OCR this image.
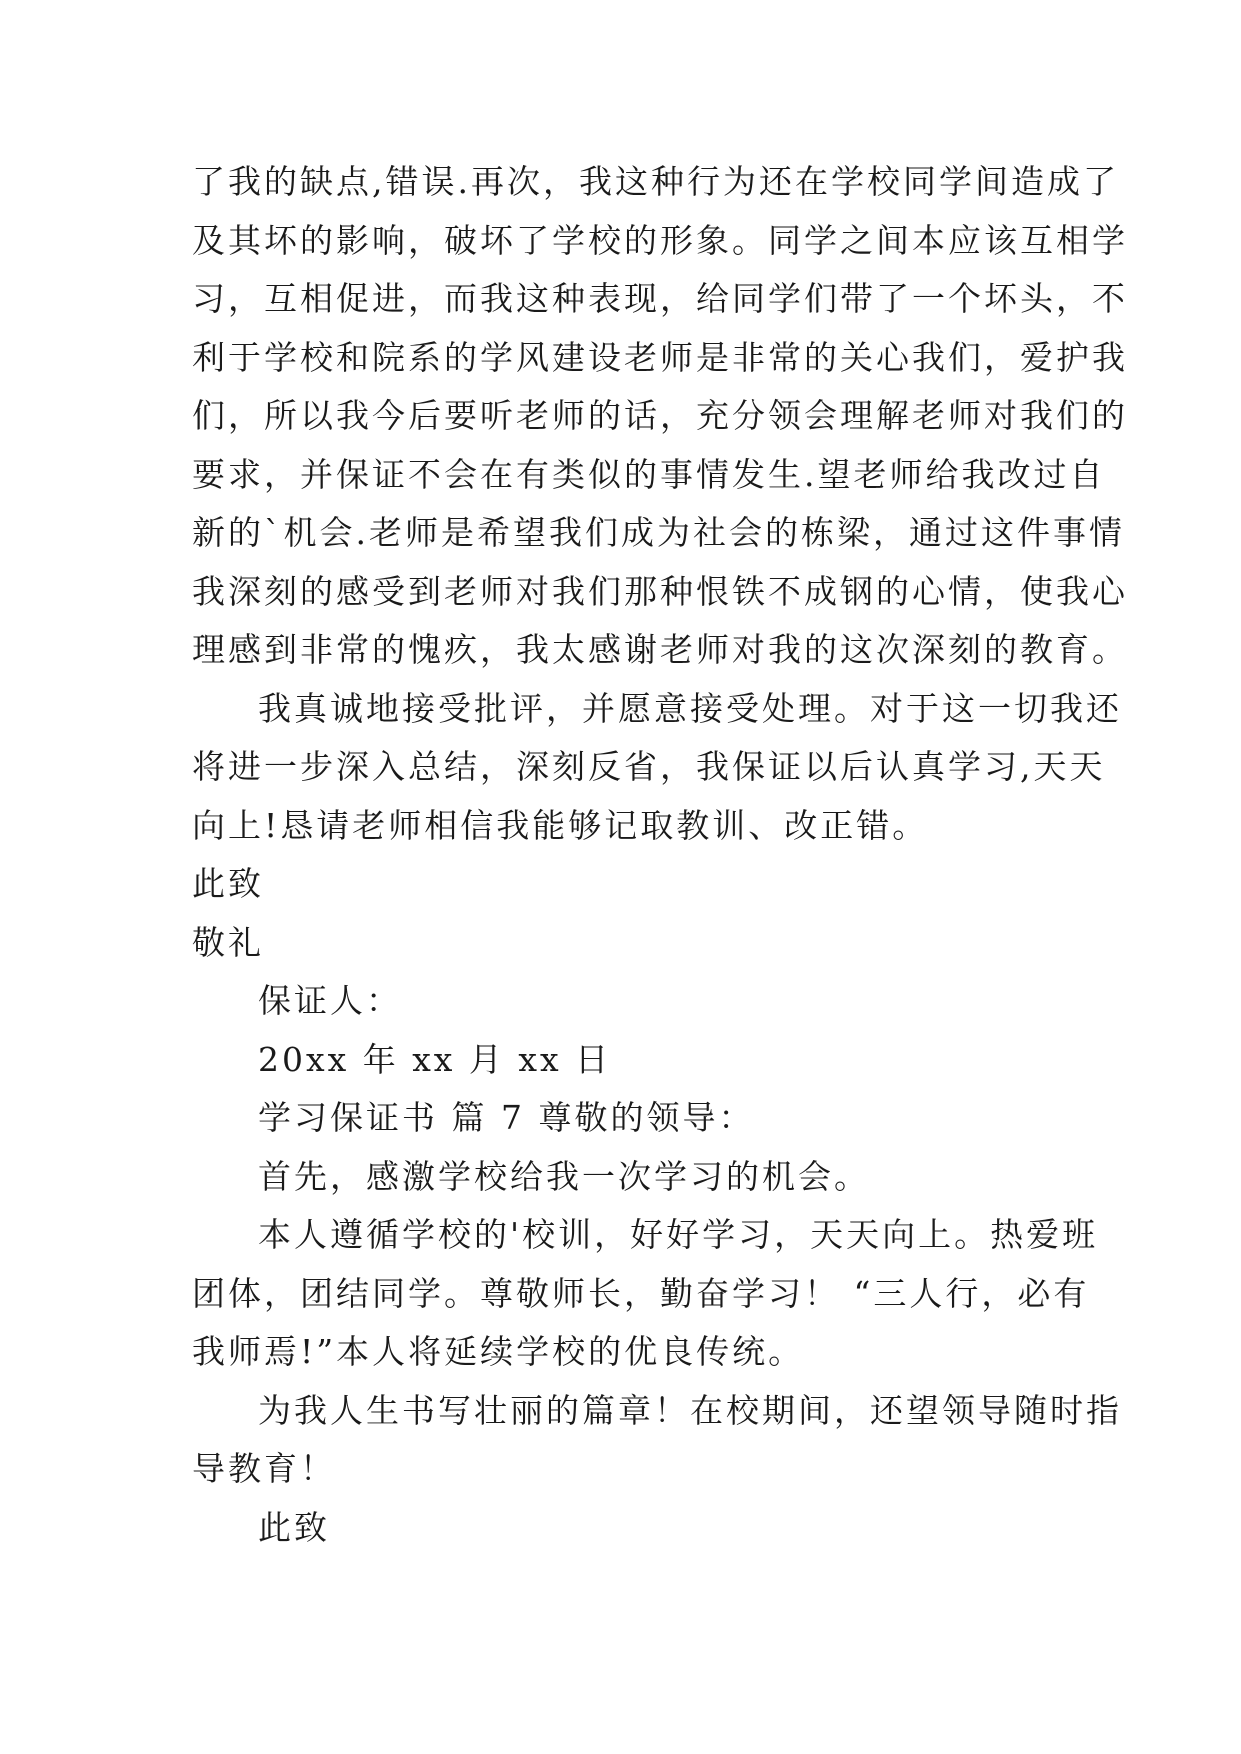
了我的缺点,错误.再次，我这种行为还在学校同学间造成了
及其坏的影响，破坏了学校的形象。同学之间本应该互相学
习，互相促进，而我这种表现，给同学们带了一个坏头，不
利于学校和院系的学风建设老师是非常的关心我们，爱护我
们，所以我今后要听老师的话，充分领会理解老师对我们的
要求，并保证不会在有类似的事情发生.望老师给我改过自
新的`机会.老师是希望我们成为社会的栋梁，通过这件事情
我深刻的感受到老师对我们那种恨铁不成钢的心情，使我心
理感到非常的愧疚，我太感谢老师对我的这次深刻的教育。
我真诚地接受批评，并愿意接受处理。对于这一切我还
将进一步深入总结，深刻反省，我保证以后认真学习,天天
向上!恳请老师相信我能够记取教训、改正错。
此致
敬礼
保证人：
20xx 年 xx 月 xx 日
学习保证书 篇 7 尊敬的领导：
首先，感激学校给我一次学习的机会。
本人遵循学校的'校训，好好学习，天天向上。热爱班
团体，团结同学。尊敬师长，勤奋学习！ “三人行，必有
我师焉!”本人将延续学校的优良传统。
为我人生书写壮丽的篇章！在校期间，还望领导随时指
导教育！
此致
